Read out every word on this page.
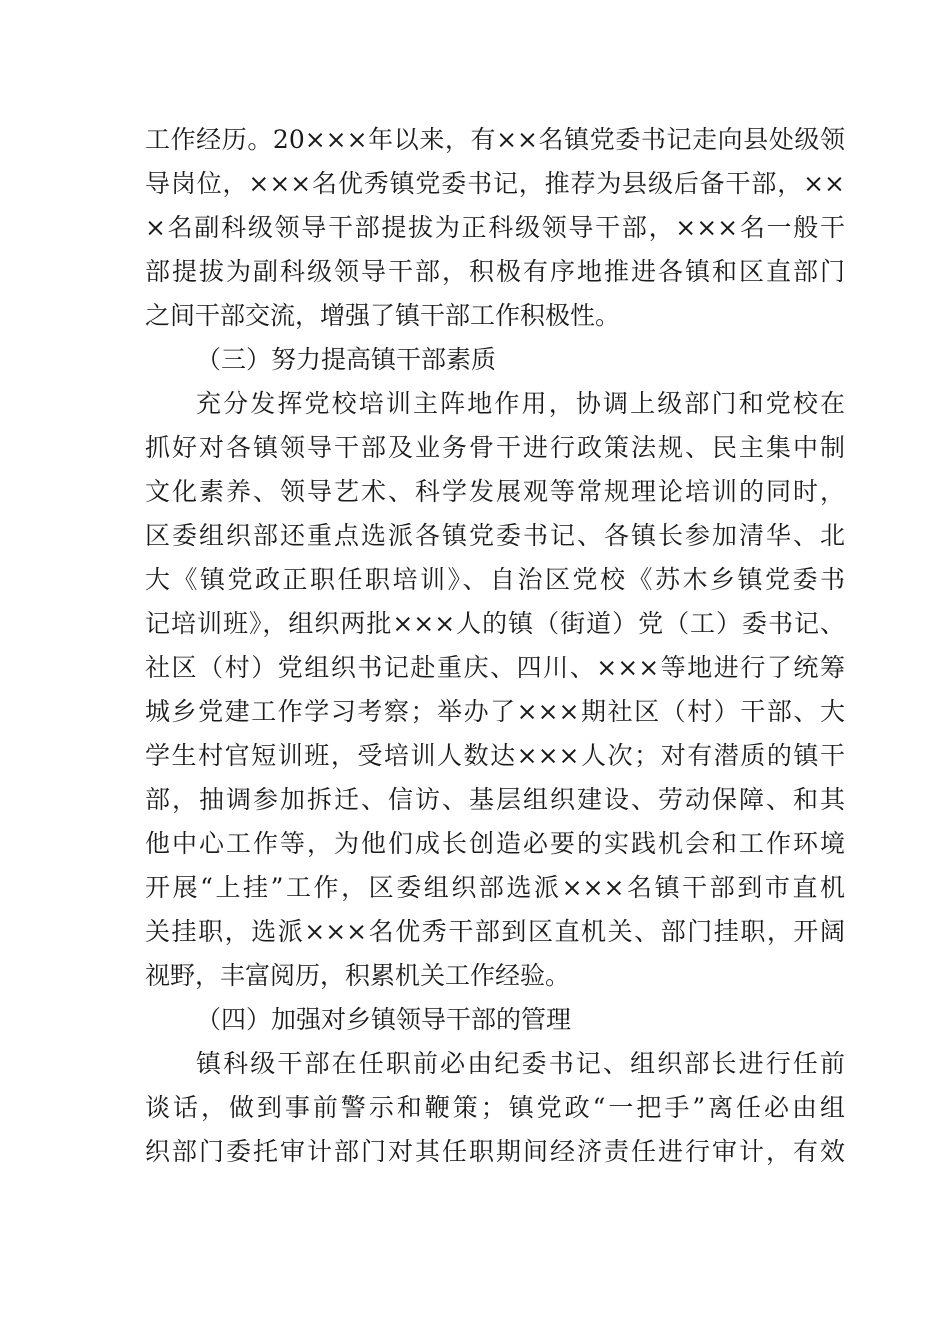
工作经历。20×××年以来，有××名镇党委书记走向县处级领
导岗位，×××名优秀镇党委书记，推荐为县级后备干部，××
×名副科级领导干部提拔为正科级领导干部，×××名一般干
部提拔为副科级领导干部，积极有序地推进各镇和区直部门
之间干部交流，增强了镇干部工作积极性。
（三）努力提高镇干部素质
充分发挥党校培训主阵地作用，协调上级部门和党校在
抓好对各镇领导干部及业务骨干进行政策法规、民主集中制
文化素养、领导艺术、科学发展观等常规理论培训的同时，
区委组织部还重点选派各镇党委书记、各镇长参加清华、北
大《镇党政正职任职培训》、自治区党校《苏木乡镇党委书
记培训班》，组织两批×××人的镇（街道）党（工）委书记、
社区（村）党组织书记赴重庆、四川、×××等地进行了统筹
城乡党建工作学习考察；举办了×××期社区（村）干部、大
学生村官短训班，受培训人数达×××人次；对有潜质的镇干
部，抽调参加拆迁、信访、基层组织建设、劳动保障、和其
他中心工作等，为他们成长创造必要的实践机会和工作环境
开展“上挂”工作，区委组织部选派×××名镇干部到市直机
关挂职，选派×××名优秀干部到区直机关、部门挂职，开阔
视野，丰富阅历，积累机关工作经验。
（四）加强对乡镇领导干部的管理
镇科级干部在任职前必由纪委书记、组织部长进行任前
谈话，做到事前警示和鞭策；镇党政“一把手”离任必由组
织部门委托审计部门对其任职期间经济责任进行审计，有效
